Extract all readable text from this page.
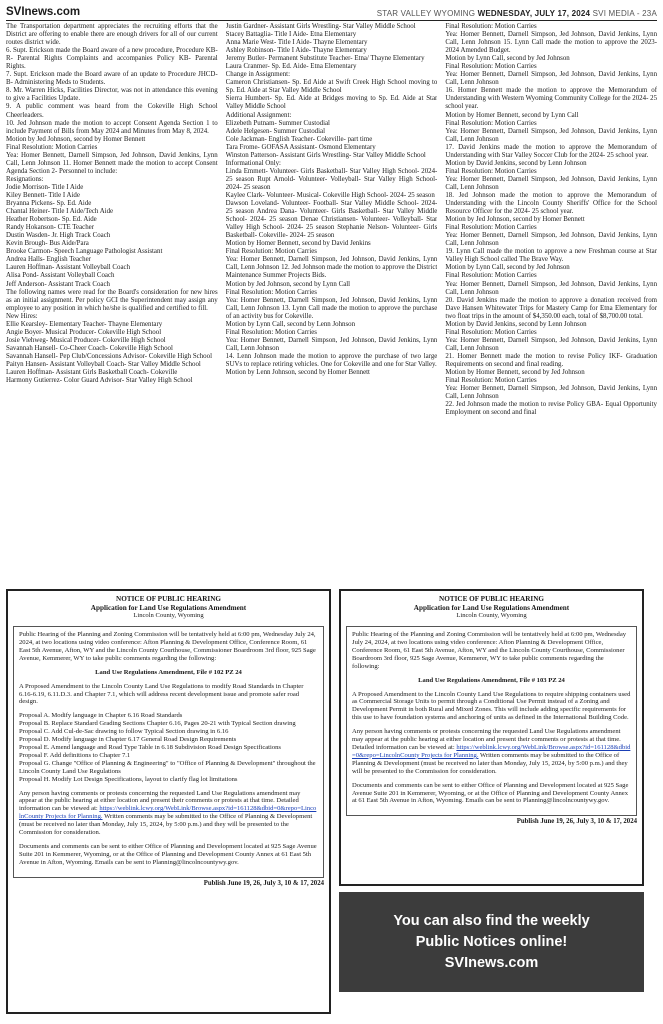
SVInews.com	STAR VALLEY WYOMING WEDNESDAY, JULY 17, 2024 SVI MEDIA - 23A

The Transportation department appreciates the recruiting efforts that the District are offering to enable there are enough drivers for all of our current routes district wide.

6. Supt. Erickson made the Board aware of a new procedure, Procedure KB- R- Parental Rights Complaints and accompanies Policy KB- Parental Rights.

7. Supt. Erickson made the Board aware of an update to Procedure JHCD- B- Administering Meds to Students.

8. Mr. Warren Hicks, Facilities Director, was not in attendance this evening to give a Facilities Update.

9. A public comment was heard from the Cokeville High School Cheerleaders.

10. Jed Johnson made the motion to accept Consent Agenda Section 1 to include Payment of Bills from May 2024 and Minutes from May 8, 2024.

Motion by Jed Johnson, second by Homer Bennett

Final Resolution: Motion Carries

Yea: Homer Bennett, Darnell Simpson, Jed Johnson, David Jenkins, Lynn Call, Lenn Johnson 11. Homer Bennett made the motion to accept Consent Agenda Section 2- Personnel to include:

Resignations:

Jodie Morrison- Title I Aide

Kiley Bennett- Title I Aide

Bryanna Pickens- Sp. Ed. Aide

Chantal Heiner- Title I Aide/Tech Aide

Heather Robertson- Sp. Ed. Aide

Randy Hokanson- CTE Teacher

Dustin Wasden- Jr. High Track Coach

Kevin Brough- Bus Aide/Para

Brooke Carmon- Speech Language Pathologist Assistant

Andrea Halls- English Teacher

Lauren Hoffman- Assistant Volleyball Coach

Alisa Pond- Assistant Volleyball Coach

Jeff Anderson- Assistant Track Coach

The following names were read for the Board's consideration for new hires as an initial assignment. Per policy GCI the Superintendent may assign any employee to any position in which he/she is qualified and certified to fill.

New Hires:

Ellie Kearsley- Elementary Teacher- Thayne Elementary

Angie Boyer- Musical Producer- Cokeville High School

Josie Viehweg- Musical Producer- Cokeville High School

Savannah Hansell- Co-Cheer Coach- Cokeville High School

Savannah Hansell- Pep Club/Concessions Advisor- Cokeville High School

Paityn Hansen- Assistant Volleyball Coach- Star Valley Middle School

Lauren Hoffman- Assistant Girls Basketball Coach- Cokeville

Harmony Gutierrez- Color Guard Advisor- Star Valley High School

Justin Gardner- Assistant Girls Wrestling- Star Valley Middle School

Stacey Battaglia- Title I Aide- Etna Elementary

Anna Marie West- Title I Aide- Thayne Elementary

Ashley Robinson- Title I Aide- Thayne Elementary

Jeremy Butler- Permanent Substitute Teacher- Etna/ Thayne Elementary

Laura Cranmer- Sp. Ed. Aide- Etna Elementary

Change in Assignment:

Cameron Christiansen- Sp. Ed Aide at Swift Creek High School moving to Sp. Ed. Aide at Star Valley Middle School

Sierra Humbert- Sp. Ed. Aide at Bridges moving to Sp. Ed. Aide at Star Valley Middle School

Additional Assignment:

Elizebeth Putnam- Summer Custodial

Adele Helgesen- Summer Custodial

Cole Jackman- English Teacher- Cokeville- part time

Tara Frome- GOFASA Assistant- Osmond Elementary

Winston Patterson- Assistant Girls Wrestling- Star Valley Middle School

Informational Only:

Linda Emmett- Volunteer- Girls Basketball- Star Valley High School- 2024- 25 season Rupt Arnold- Volunteer- Volleyball- Star Valley High School- 2024- 25 season

Kaylee Clark- Volunteer- Musical- Cokeville High School- 2024- 25 season

Dawson Loveland- Volunteer- Football- Star Valley Middle School- 2024- 25 season Andrea Dana- Volunteer- Girls Basketball- Star Valley Middle School- 2024- 25 season Denae Christiansen- Volunteer- Volleyball- Star Valley High School- 2024- 25 season Stephanie Nelson- Volunteer- Girls Basketball- Cokeville- 2024- 25 season

Motion by Homer Bennett, second by David Jenkins

Final Resolution: Motion Carries

Yea: Homer Bennett, Darnell Simpson, Jed Johnson, David Jenkins, Lynn Call, Lenn Johnson 12. Jed Johnson made the motion to approve the District Maintenance Summer Projects Bids.

Motion by Jed Johnson, second by Lynn Call

Final Resolution: Motion Carries

Yea: Homer Bennett, Darnell Simpson, Jed Johnson, David Jenkins, Lynn Call, Lenn Johnson 13. Lynn Call made the motion to approve the purchase of an activity bus for Cokeville.

Motion by Lynn Call, second by Lenn Johnson

Final Resolution: Motion Carries

Yea: Homer Bennett, Darnell Simpson, Jed Johnson, David Jenkins, Lynn Call, Lenn Johnson

14. Lenn Johnson made the motion to approve the purchase of two large SUVs to replace retiring vehicles. One for Cokeville and one for Star Valley.

Motion by Lenn Johnson, second by Homer Bennett

Final Resolution: Motion Carries

Yea: Homer Bennett, Darnell Simpson, Jed Johnson, David Jenkins, Lynn Call, Lenn Johnson 15. Lynn Call made the motion to approve the 2023-2024 Amended Budget.

Motion by Lynn Call, second by Jed Johnson

Final Resolution: Motion Carries

Yea: Homer Bennett, Darnell Simpson, Jed Johnson, David Jenkins, Lynn Call, Lenn Johnson

16. Homer Bennett made the motion to approve the Memorandum of Understanding with Western Wyoming Community College for the 2024- 25 school year.

Motion by Homer Bennett, second by Lynn Call

Final Resolution: Motion Carries

Yea: Homer Bennett, Darnell Simpson, Jed Johnson, David Jenkins, Lynn Call, Lenn Johnson

17. David Jenkins made the motion to approve the Memorandum of Understanding with Star Valley Soccer Club for the 2024- 25 school year.

Motion by David Jenkins, second by Lenn Johnson

Final Resolution: Motion Carries

Yea: Homer Bennett, Darnell Simpson, Jed Johnson, David Jenkins, Lynn Call, Lenn Johnson

18. Jed Johnson made the motion to approve the Memorandum of Understanding with the Lincoln County Sheriffs' Office for the School Resource Officer for the 2024- 25 school year.

Motion by Jed Johnson, second by Homer Bennett

Final Resolution: Motion Carries

Yea: Homer Bennett, Darnell Simpson, Jed Johnson, David Jenkins, Lynn Call, Lenn Johnson

19. Lynn Call made the motion to approve a new Freshman course at Star Valley High School called The Brave Way.

Motion by Lynn Call, second by Jed Johnson

Final Resolution: Motion Carries

Yea: Homer Bennett, Darnell Simpson, Jed Johnson, David Jenkins, Lynn Call, Lenn Johnson

20. David Jenkins made the motion to approve a donation received from Dave Hansen Whitewater Trips for Mastery Camp for Etna Elementary for two float trips in the amount of $4,350.00 each, total of $8,700.00 total.

Motion by David Jenkins, second by Lenn Johnson

Final Resolution: Motion Carries

Yea: Homer Bennett, Darnell Simpson, Jed Johnson, David Jenkins, Lynn Call, Lenn Johnson

21. Homer Bennett made the motion to revise Policy IKF- Graduation Requirements on second and final reading.

Motion by Homer Bennett, second by Jed Johnson

Final Resolution: Motion Carries

Yea: Homer Bennett, Darnell Simpson, Jed Johnson, David Jenkins, Lynn Call, Lenn Johnson

22. Jed Johnson made the motion to revise Policy GBA- Equal Opportunity Employment on second and final

NOTICE OF PUBLIC HEARING
Application for Land Use Regulations Amendment
Lincoln County, Wyoming

Public Hearing of the Planning and Zoning Commission will be tentatively held at 6:00 pm, Wednesday July 24, 2024, at two locations using video conference: Afton Planning & Development Office, Conference Room, 61 East 5th Avenue, Afton, WY and the Lincoln County Courthouse, Commissioner Boardroom 3rd floor, 925 Sage Avenue, Kemmerer, WY to take public comments regarding the following:

Land Use Regulations Amendment, File # 102 PZ 24

A Proposed Amendment to the Lincoln County Land Use Regulations to modify Road Standards in Chapter 6.16-6.19, 6.11.D.3. and Chapter 7.1, which will address recent development issue and promote safer road design.

Proposal A. Modify language in Chapter 6.16 Road Standards
Proposal B. Replace Standard Grading Sections Chapter 6.16, Pages 20-21 with Typical Section drawing
Proposal C. Add Cul-de-Sac drawing to follow Typical Section drawing in 6.16
Proposal D. Modify language in Chapter 6.17 General Road Design Requirements
Proposal E. Amend language and Road Type Table in 6.18 Subdivision Road Design Specifications
Proposal F. Add definitions to Chapter 7.1
Proposal G. Change "Office of Planning & Engineering" to "Office of Planning & Development" throughout the Lincoln County Land Use Regulations
Proposal H. Modify Lot Design Specifications, layout to clarify flag lot limitations

Any person having comments or protests concerning the requested Land Use Regulations amendment may appear at the public hearing at either location and present their comments or protests at that time. Detailed information can be viewed at: https://weblink.lcwy.org/WebLink/Browse.aspx?id=161128&dbid=0&repo=LincolnCounty Projects for Planning. Written comments may be submitted to the Office of Planning & Development (must be received no later than Monday, July 15, 2024, by 5:00 p.m.) and they will be presented to the Commission for consideration.

Documents and comments can be sent to either Office of Planning and Development located at 925 Sage Avenue Suite 201 in Kemmerer, Wyoming, or at the Office of Planning and Development County Annex at 61 East 5th Avenue in Afton, Wyoming. Emails can be sent to Planning@lincolncountywy.gov.

Publish June 19, 26, July 3, 10 & 17, 2024
NOTICE OF PUBLIC HEARING
Application for Land Use Regulations Amendment
Lincoln County, Wyoming

Public Hearing of the Planning and Zoning Commission will be tentatively held at 6:00 pm, Wednesday July 24, 2024, at two locations using video conference: Afton Planning & Development Office, Conference Room, 61 East 5th Avenue, Afton, WY and the Lincoln County Courthouse, Commissioner Boardroom 3rd floor, 925 Sage Avenue, Kemmerer, WY to take public comments regarding the following:

Land Use Regulations Amendment, File # 103 PZ 24

A Proposed Amendment to the Lincoln County Land Use Regulations to require shipping containers used as Commercial Storage Units to permit through a Conditional Use Permit instead of a Zoning and Development Permit in both Rural and Mixed Zones. This will include adding specific requirements for this use to have foundation systems and anchoring of units as defined in the International Building Code.

Any person having comments or protests concerning the requested Land Use Regulations amendment may appear at the public hearing at either location and present their comments or protests at that time. Detailed information can be viewed at: https://weblink.lcwy.org/WebLink/Browse.aspx?id=161128&dbid=0&repo=LincolnCounty Projects for Planning. Written comments may be submitted to the Office of Planning & Development (must be received no later than Monday, July 15, 2024, by 5:00 p.m.) and they will be presented to the Commission for consideration.

Documents and comments can be sent to either Office of Planning and Development located at 925 Sage Avenue Suite 201 in Kemmerer, Wyoming, or at the Office of Planning and Development County Annex at 61 East 5th Avenue in Afton, Wyoming. Emails can be sent to Planning@lincolncountywy.gov.

Publish June 19, 26, July 3, 10 & 17, 2024
You can also find the weekly
Public Notices online!
SVInews.com
